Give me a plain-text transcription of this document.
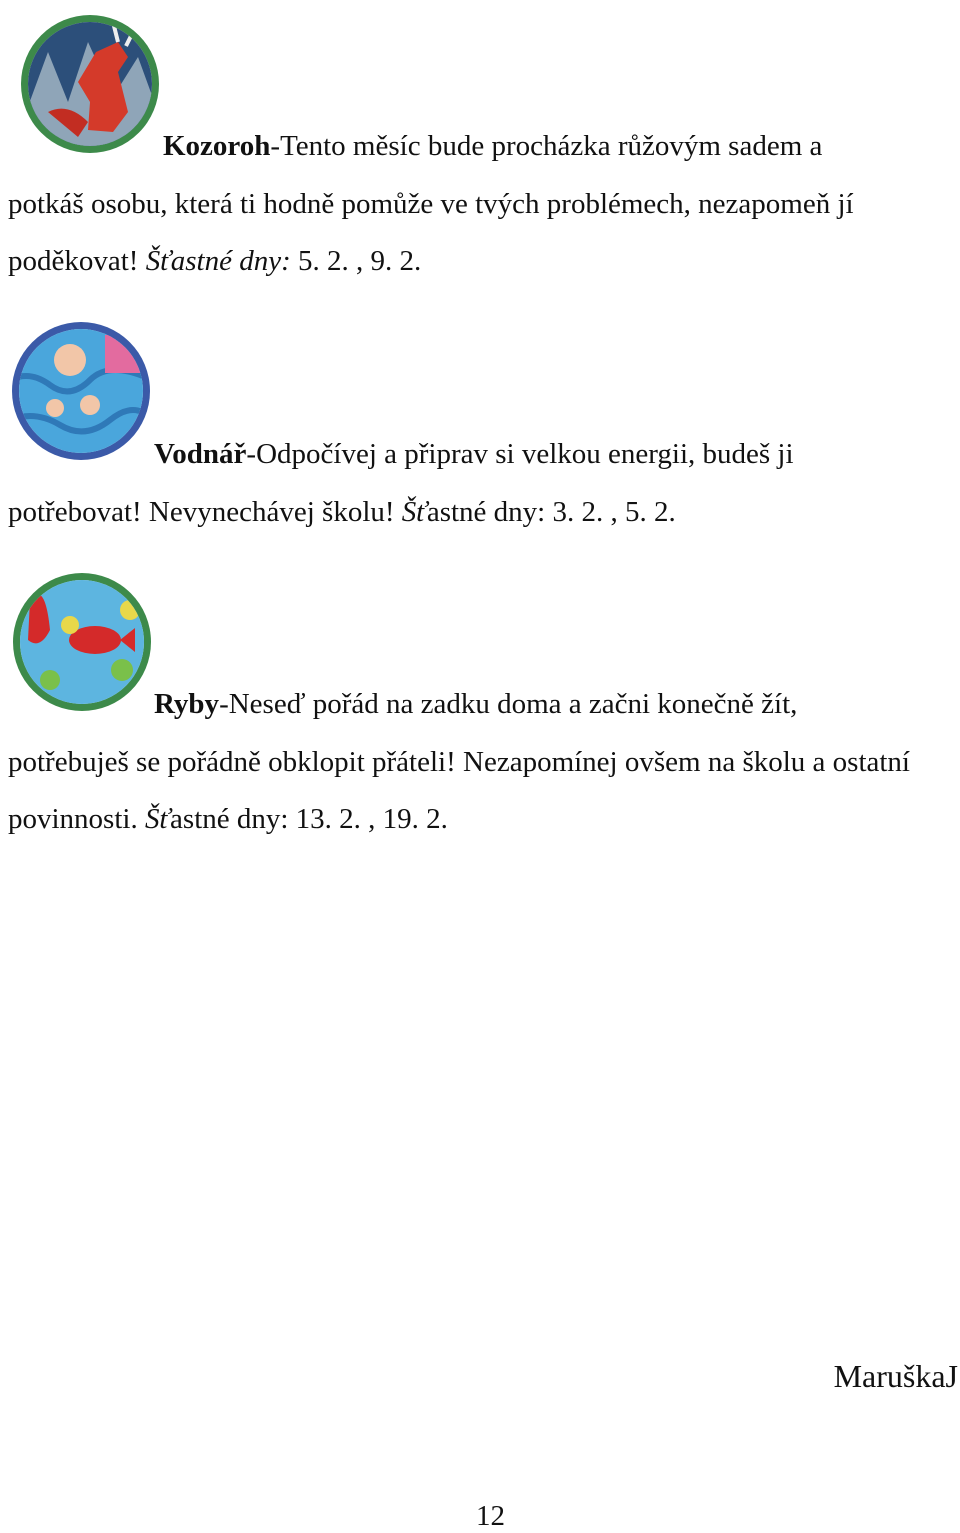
Kozoroh-Tento měsíc bude procházka růžovým sadem a
potkáš osobu, která ti hodně pomůže ve tvých problémech, nezapomeň jí poděkovat! Šťastné dny: 5. 2. , 9. 2.

Vodnář-Odpočívej a připrav si velkou energii, budeš ji
potřebovat! Nevynechávej školu! Šťastné dny: 3. 2. , 5. 2.

Ryby-Neseď pořád na zadku doma a začni konečně žít,
potřebuješ se pořádně obklopit přáteli! Nezapomínej ovšem na školu a ostatní povinnosti. Šťastné dny: 13. 2. , 19. 2.

MaruškaJ
12
